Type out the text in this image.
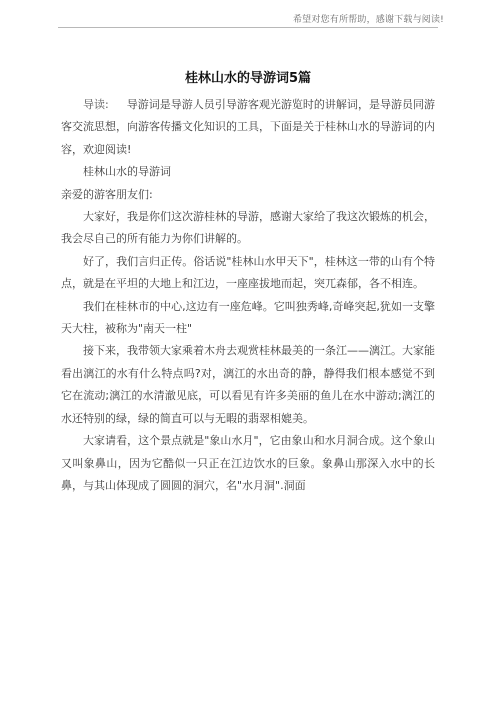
希望对您有所帮助，感谢下载与阅读!
桂林山水的导游词5篇

导读: 导游词是导游人员引导游客观光游览时的讲解词，是导游员同游客交流思想，向游客传播文化知识的工具，下面是关于桂林山水的导游词的内容，欢迎阅读!

桂林山水的导游词

亲爱的游客朋友们:

大家好，我是你们这次游桂林的导游，感谢大家给了我这次锻炼的机会，我会尽自己的所有能力为你们讲解的。

好了，我们言归正传。俗话说"桂林山水甲天下"，桂林这一带的山有个特点，就是在平坦的大地上和江边，一座座拔地而起，突兀森郁，各不相连。

我们在桂林市的中心,这边有一座危峰。它叫独秀峰,奇峰突起,犹如一支擎天大柱，被称为"南天一柱"

接下来，我带领大家乘着木舟去观赏桂林最美的一条江——漓江。大家能看出漓江的水有什么特点吗?对，漓江的水出奇的静，静得我们根本感觉不到它在流动;漓江的水清澈见底，可以看见有许多美丽的鱼儿在水中游动;漓江的水还特别的绿，绿的简直可以与无暇的翡翠相媲美。

大家请看，这个景点就是"象山水月"，它由象山和水月洞合成。这个象山又叫象鼻山，因为它酷似一只正在江边饮水的巨象。象鼻山那深入水中的长鼻，与其山体现成了圆圆的洞穴，名"水月洞".洞面
